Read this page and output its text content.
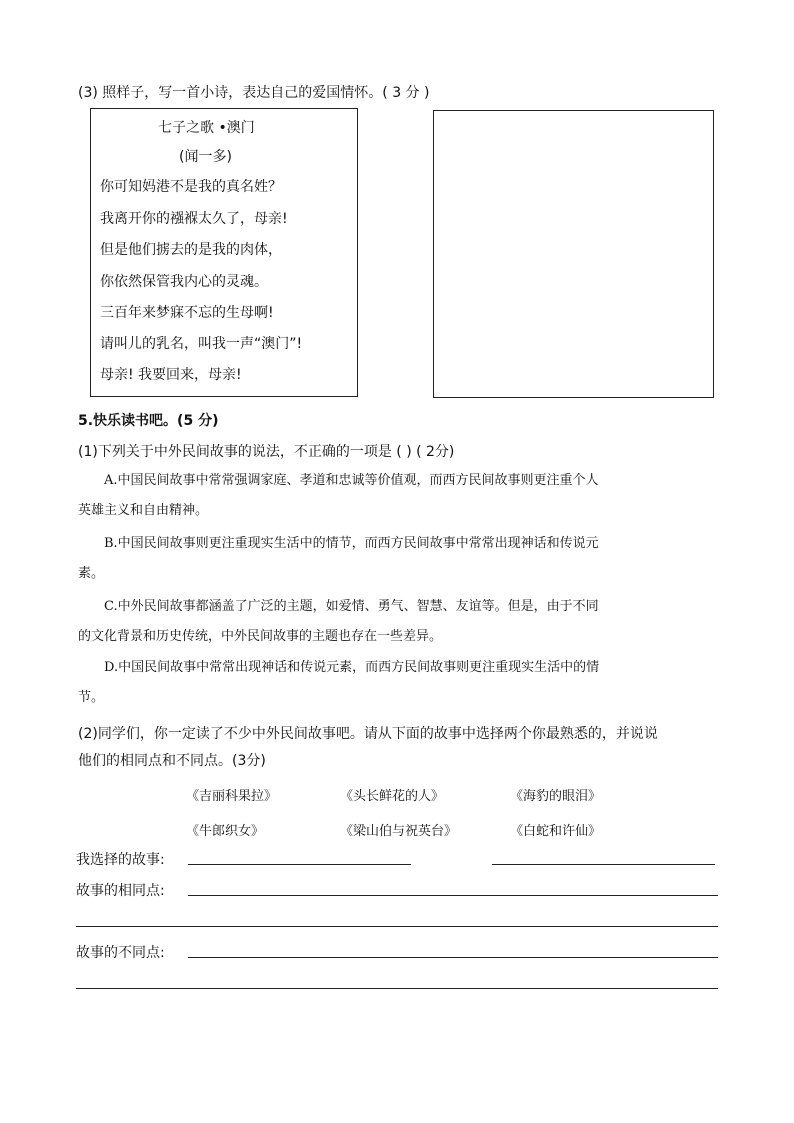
(3) 照样子，写一首小诗，表达自己的爱国情怀。( 3 分 )
七子之歌 •澳门
(闻一多)
你可知妈港不是我的真名姓？
我离开你的襁褓太久了，母亲!
但是他们掳去的是我的肉体，
你依然保管我内心的灵魂。
三百年来梦寐不忘的生母啊!
请叫儿的乳名，叫我一声“澳门”!
母亲! 我要回来，母亲!
5.快乐读书吧。(5 分)
(1)下列关于中外民间故事的说法，不正确的一项是 ( ) ( 2分)
A.中国民间故事中常常强调家庭、孝道和忠诚等价值观，而西方民间故事则更注重个人
英雄主义和自由精神。
B.中国民间故事则更注重现实生活中的情节，而西方民间故事中常常出现神话和传说元
素。
C.中外民间故事都涵盖了广泛的主题，如爱情、勇气、智慧、友谊等。但是，由于不同
的文化背景和历史传统，中外民间故事的主题也存在一些差异。
D.中国民间故事中常常出现神话和传说元素，而西方民间故事则更注重现实生活中的情
节。
(2)同学们，你一定读了不少中外民间故事吧。请从下面的故事中选择两个你最熟悉的，并说说
他们的相同点和不同点。(3分)
《吉丽科果拉》	《头长鲜花的人》	《海豹的眼泪》
《牛郎织女》	《梁山伯与祝英台》	《白蛇和许仙》
我选择的故事:
故事的相同点:
故事的不同点:
